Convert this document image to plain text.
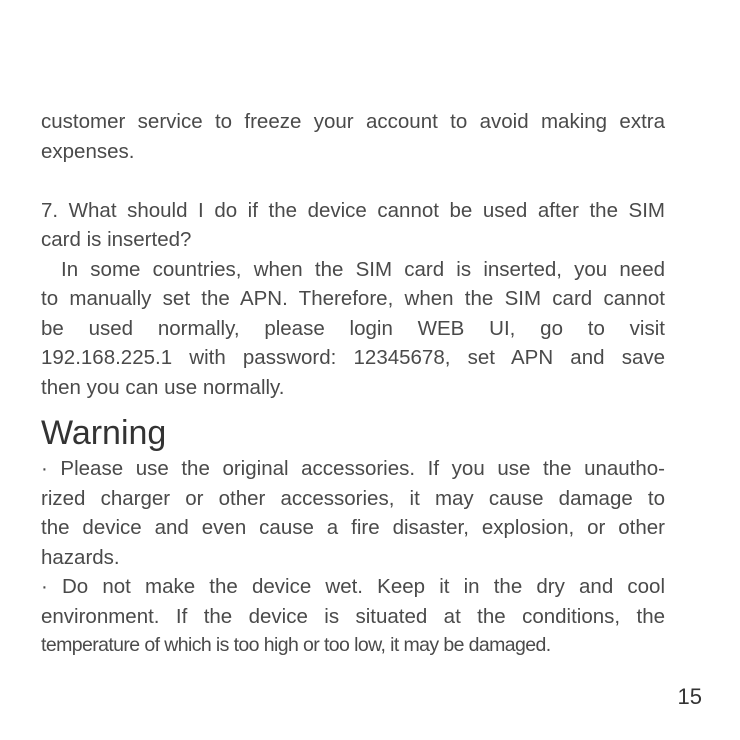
customer service to freeze your account to avoid making extra
expenses.
7. What should I do if the device cannot be used after the SIM
card is inserted?
In some countries, when the SIM card is inserted, you need
to manually set the APN. Therefore, when the SIM card cannot
be used normally, please login WEB UI, go to visit
192.168.225.1 with password: 12345678, set APN and save
then you can use normally.
Warning
· Please use the original accessories. If you use the unautho-
rized charger or other accessories, it may cause damage to
the device and even cause a fire disaster, explosion, or other
hazards.
· Do not make the device wet. Keep it in the dry and cool
environment. If the device is situated at the conditions, the
temperature of which is too high or too low, it may be damaged.
15
